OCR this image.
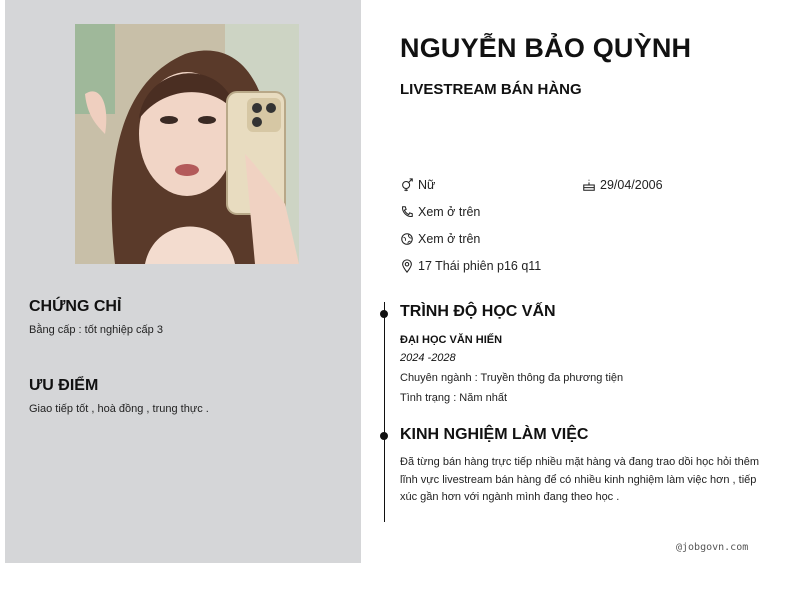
CHỨNG CHỈ
Bằng cấp : tốt nghiệp cấp 3
ƯU ĐIỂM
Giao tiếp tốt , hoà đồng , trung thực .
NGUYỄN BẢO QUỲNH
LIVESTREAM BÁN HÀNG
Nữ	29/04/2006
Xem ở trên
Xem ở trên
17 Thái phiên p16 q11
TRÌNH ĐỘ HỌC VẤN
ĐẠI HỌC VĂN HIẾN
2024 -2028
Chuyên ngành : Truyền thông đa phương tiện
Tình trạng : Năm nhất
KINH NGHIỆM LÀM VIỆC
Đã từng bán hàng trực tiếp nhiều mặt hàng và đang trao dồi học hỏi thêm lĩnh vực livestream bán hàng để có nhiều kinh nghiệm làm việc hơn , tiếp xúc gần hơn với ngành mình đang theo học .
@jobgovn.com
